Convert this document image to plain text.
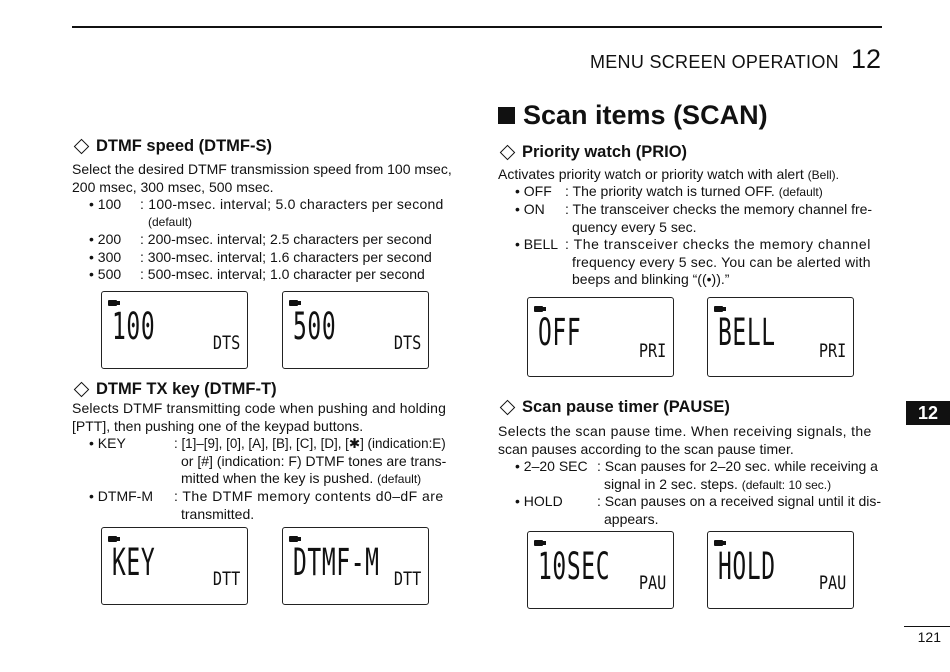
MENU SCREEN OPERATION 12
DTMF speed (DTMF-S)
Select the desired DTMF transmission speed from 100 msec,
200 msec, 300 msec, 500 msec.
• 100 : 100-msec. interval; 5.0 characters per second
(default)
• 200 : 200-msec. interval; 2.5 characters per second
• 300 : 300-msec. interval; 1.6 characters per second
• 500 : 500-msec. interval; 1.0 character per second
100	DTS 500	DTS
DTMF TX key (DTMF-T)
Selects DTMF transmitting code when pushing and holding
[PTT], then pushing one of the keypad buttons.
• KEY	: [1]–[9], [0], [A], [B], [C], [D], [✱] (indication:E)
or [#] (indication: F) DTMF tones are trans-
mitted when the key is pushed. (default)
• DTMF-M : The DTMF memory contents d0–dF are
transmitted.
KEY	DTT DTMF-M DTT
Scan items (SCAN)
Priority watch (PRIO)
Activates priority watch or priority watch with alert (Bell).
• OFF : The priority watch is turned OFF. (default)
• ON : The transceiver checks the memory channel fre-
quency every 5 sec.
• BELL : The transceiver checks the memory channel
frequency every 5 sec. You can be alerted with
beeps and blinking “((•)).”
OFF	PRI BELL PRI
Scan pause timer (PAUSE)
Selects the scan pause time. When receiving signals, the
scan pauses according to the scan pause timer.
• 2–20 SEC : Scan pauses for 2–20 sec. while receiving a
signal in 2 sec. steps. (default: 10 sec.)
• HOLD : Scan pauses on a received signal until it dis-
appears.
10SEC PAU HOLD PAU
12
121
